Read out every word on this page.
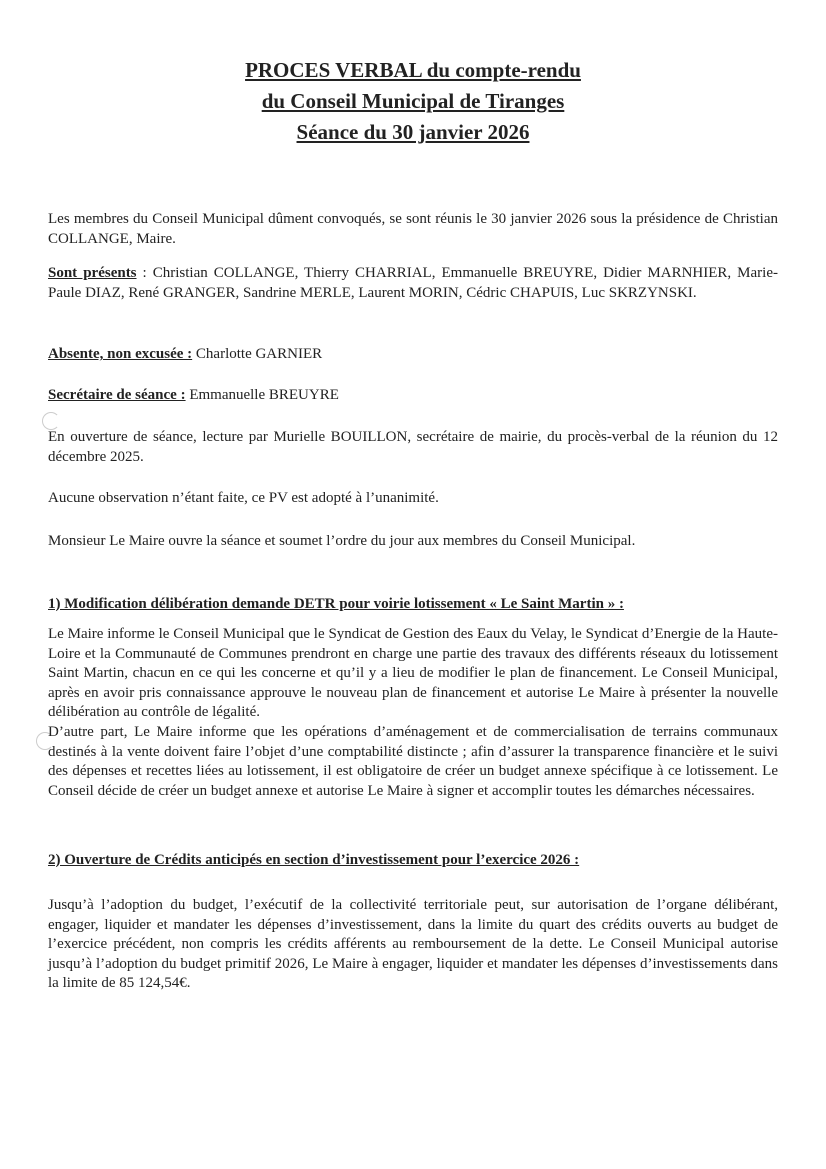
PROCES VERBAL du compte-rendu
du Conseil Municipal de Tiranges
Séance du 30 janvier 2026
Les membres du Conseil Municipal dûment convoqués, se sont réunis le 30 janvier 2026 sous la présidence de Christian COLLANGE, Maire.
Sont présents : Christian COLLANGE, Thierry CHARRIAL, Emmanuelle BREUYRE, Didier MARNHIER, Marie-Paule DIAZ, René GRANGER, Sandrine MERLE, Laurent MORIN, Cédric CHAPUIS, Luc SKRZYNSKI.
Absente, non excusée : Charlotte GARNIER
Secrétaire de séance : Emmanuelle BREUYRE
En ouverture de séance, lecture par Murielle BOUILLON, secrétaire de mairie, du procès-verbal de la réunion du 12 décembre 2025.
Aucune observation n’étant faite, ce PV est adopté à l’unanimité.
Monsieur Le Maire ouvre la séance et soumet l’ordre du jour aux membres du Conseil Municipal.
1) Modification délibération demande DETR pour voirie lotissement « Le Saint Martin » :
Le Maire informe le Conseil Municipal que le Syndicat de Gestion des Eaux du Velay, le Syndicat d’Energie de la Haute-Loire et la Communauté de Communes prendront en charge une partie des travaux des différents réseaux du lotissement Saint Martin, chacun en ce qui les concerne et qu’il y a lieu de modifier le plan de financement. Le Conseil Municipal, après en avoir pris connaissance approuve le nouveau plan de financement et autorise Le Maire à présenter la nouvelle délibération au contrôle de légalité.
D’autre part, Le Maire informe que les opérations d’aménagement et de commercialisation de terrains communaux destinés à la vente doivent faire l’objet d’une comptabilité distincte ; afin d’assurer la transparence financière et le suivi des dépenses et recettes liées au lotissement, il est obligatoire de créer un budget annexe spécifique à ce lotissement. Le Conseil décide de créer un budget annexe et autorise Le Maire à signer et accomplir toutes les démarches nécessaires.
2) Ouverture de Crédits anticipés en section d’investissement pour l’exercice 2026 :
Jusqu’à l’adoption du budget, l’exécutif de la collectivité territoriale peut, sur autorisation de l’organe délibérant, engager, liquider et mandater les dépenses d’investissement, dans la limite du quart des crédits ouverts au budget de l’exercice précédent, non compris les crédits afférents au remboursement de la dette. Le Conseil Municipal autorise jusqu’à l’adoption du budget primitif 2026, Le Maire à engager, liquider et mandater les dépenses d’investissements dans la limite de 85 124,54€.
